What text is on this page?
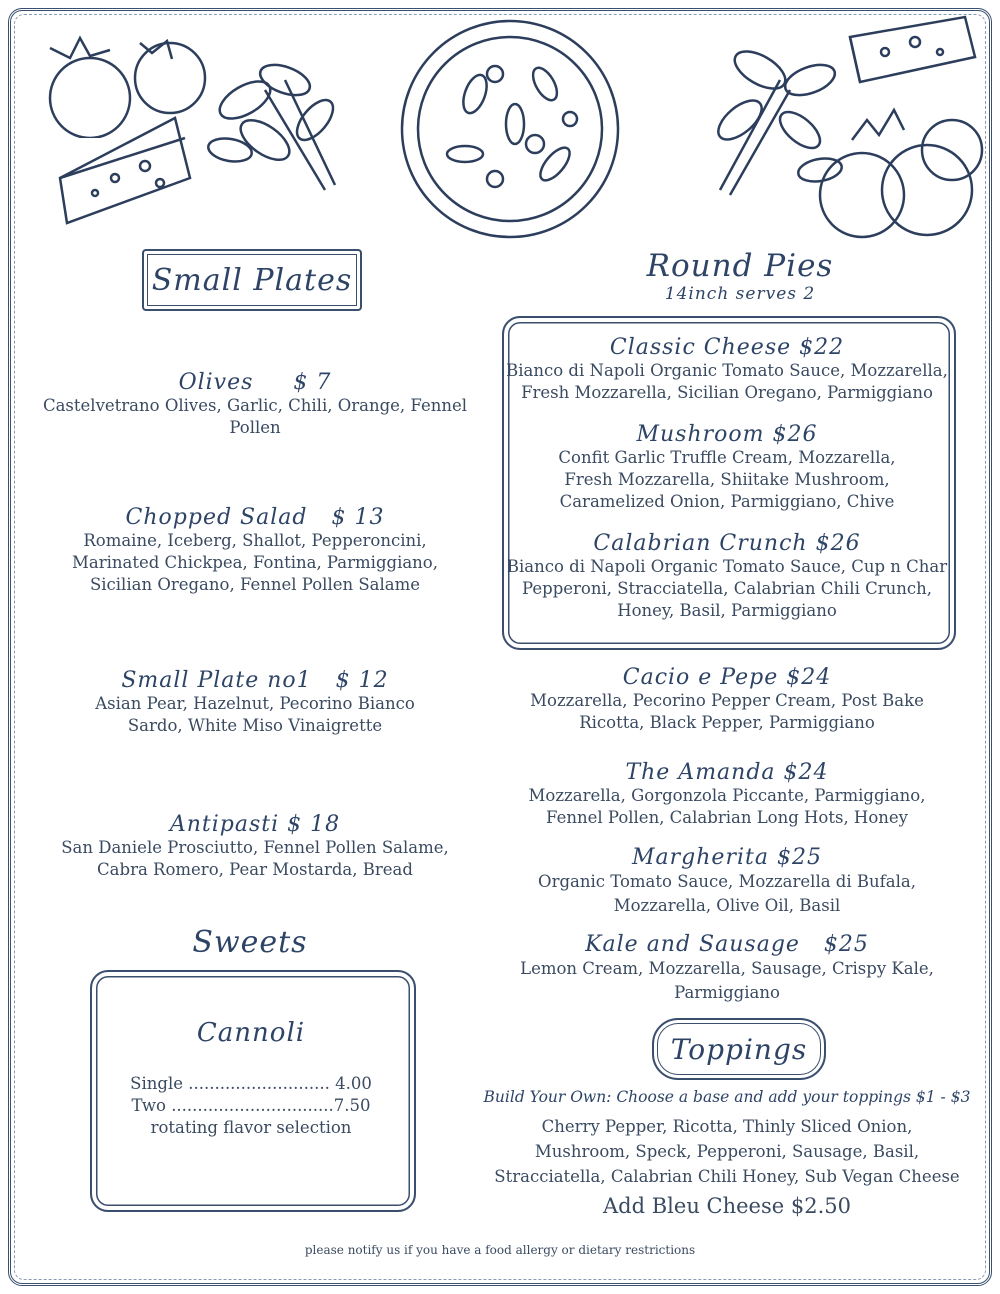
Small Plates
Olives $ 7
Castelvetrano Olives, Garlic, Chili, Orange, Fennel
Pollen
Chopped Salad $ 13
Romaine, Iceberg, Shallot, Pepperoncini,
Marinated Chickpea, Fontina, Parmiggiano,
Sicilian Oregano, Fennel Pollen Salame
Small Plate no1 $ 12
Asian Pear, Hazelnut, Pecorino Bianco
Sardo, White Miso Vinaigrette
Antipasti $ 18
San Daniele Prosciutto, Fennel Pollen Salame,
Cabra Romero, Pear Mostarda, Bread
Sweets
Cannoli
Single ........................... 4.00
Two ...............................7.50
rotating flavor selection
Round Pies
14inch serves 2
Classic Cheese $22
Bianco di Napoli Organic Tomato Sauce, Mozzarella,
Fresh Mozzarella, Sicilian Oregano, Parmiggiano
Mushroom $26
Confit Garlic Truffle Cream, Mozzarella,
Fresh Mozzarella, Shiitake Mushroom,
Caramelized Onion, Parmiggiano, Chive
Calabrian Crunch $26
Bianco di Napoli Organic Tomato Sauce, Cup n Char
Pepperoni, Stracciatella, Calabrian Chili Crunch,
Honey, Basil, Parmiggiano
Cacio e Pepe $24
Mozzarella, Pecorino Pepper Cream, Post Bake
Ricotta, Black Pepper, Parmiggiano
The Amanda $24
Mozzarella, Gorgonzola Piccante, Parmiggiano,
Fennel Pollen, Calabrian Long Hots, Honey
Margherita $25
Organic Tomato Sauce, Mozzarella di Bufala,
Mozzarella, Olive Oil, Basil
Kale and Sausage $25
Lemon Cream, Mozzarella, Sausage, Crispy Kale,
Parmiggiano
Toppings
Build Your Own: Choose a base and add your toppings $1 - $3
Cherry Pepper, Ricotta, Thinly Sliced Onion,
Mushroom, Speck, Pepperoni, Sausage, Basil,
Stracciatella, Calabrian Chili Honey, Sub Vegan Cheese
Add Bleu Cheese $2.50
please notify us if you have a food allergy or dietary restrictions
